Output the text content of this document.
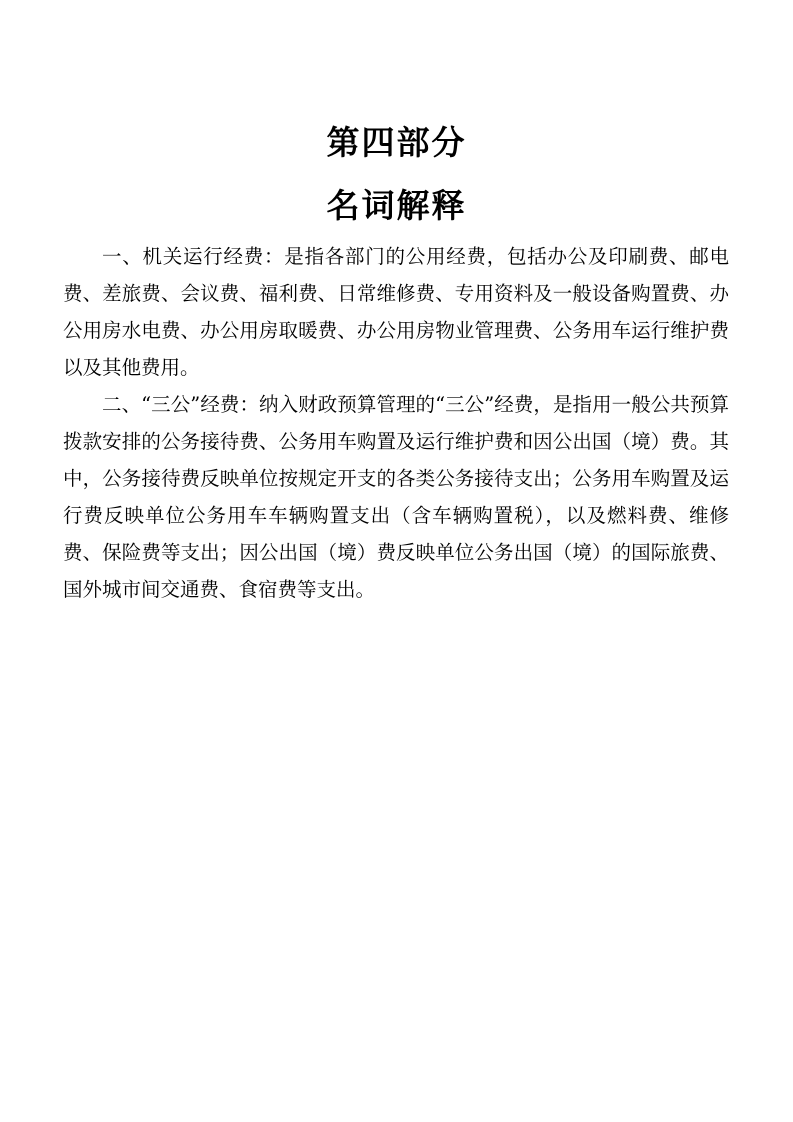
第四部分
名词解释

一、机关运行经费：是指各部门的公用经费，包括办公及印刷费、邮电费、差旅费、会议费、福利费、日常维修费、专用资料及一般设备购置费、办公用房水电费、办公用房取暖费、办公用房物业管理费、公务用车运行维护费以及其他费用。

二、“三公”经费：纳入财政预算管理的“三公”经费，是指用一般公共预算拨款安排的公务接待费、公务用车购置及运行维护费和因公出国（境）费。其中，公务接待费反映单位按规定开支的各类公务接待支出；公务用车购置及运行费反映单位公务用车车辆购置支出（含车辆购置税），以及燃料费、维修费、保险费等支出；因公出国（境）费反映单位公务出国（境）的国际旅费、国外城市间交通费、食宿费等支出。
